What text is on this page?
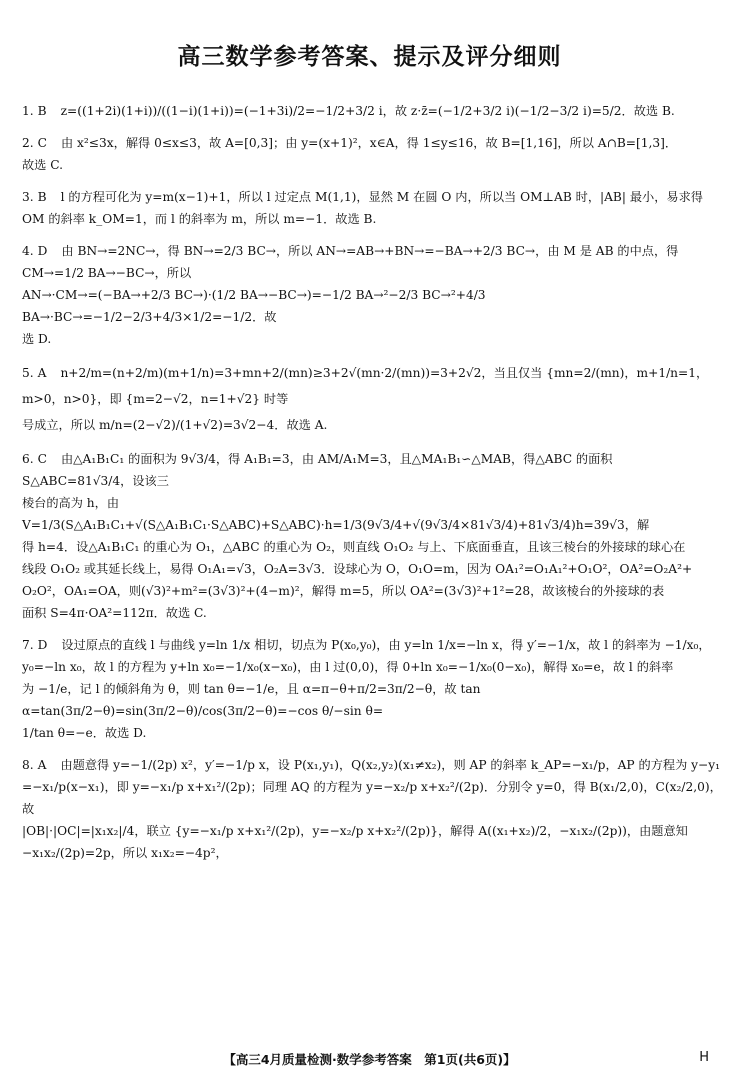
高三数学参考答案、提示及评分细则

1. B z=((1+2i)(1+i))/((1−i)(1+i))=(−1+3i)/2=−1/2+3/2 i，故 z·z̄=(−1/2+3/2 i)(−1/2−3/2 i)=5/2．故选 B.

2. C 由 x²≤3x，解得 0≤x≤3，故 A=[0,3]；由 y=(x+1)²，x∈A，得 1≤y≤16，故 B=[1,16]，所以 A∩B=[1,3]．

故选 C.

3. B l 的方程可化为 y=m(x−1)+1，所以 l 过定点 M(1,1)，显然 M 在圆 O 内，所以当 OM⊥AB 时，|AB| 最小，易求得

OM 的斜率 k_OM=1，而 l 的斜率为 m，所以 m=−1．故选 B.

4. D 由 BN→=2NC→，得 BN→=2/3 BC→，所以 AN→=AB→+BN→=−BA→+2/3 BC→，由 M 是 AB 的中点，得 CM→=1/2 BA→−BC→，所以

AN→·CM→=(−BA→+2/3 BC→)·(1/2 BA→−BC→)=−1/2 BA→²−2/3 BC→²+4/3 BA→·BC→=−1/2−2/3+4/3×1/2=−1/2．故

选 D.

5. A n+2/m=(n+2/m)(m+1/n)=3+mn+2/(mn)≥3+2√(mn·2/(mn))=3+2√2，当且仅当 {mn=2/(mn)，m+1/n=1，m>0，n>0}，即 {m=2−√2，n=1+√2} 时等

号成立，所以 m/n=(2−√2)/(1+√2)=3√2−4．故选 A.

6. C 由△A₁B₁C₁ 的面积为 9√3/4，得 A₁B₁=3，由 AM/A₁M=3，且△MA₁B₁∽△MAB，得△ABC 的面积 S△ABC=81√3/4，设该三

棱台的高为 h，由 V=1/3(S△A₁B₁C₁+√(S△A₁B₁C₁·S△ABC)+S△ABC)·h=1/3(9√3/4+√(9√3/4×81√3/4)+81√3/4)h=39√3，解

得 h=4．设△A₁B₁C₁ 的重心为 O₁，△ABC 的重心为 O₂，则直线 O₁O₂ 与上、下底面垂直，且该三棱台的外接球的球心在

线段 O₁O₂ 或其延长线上，易得 O₁A₁=√3，O₂A=3√3．设球心为 O，O₁O=m，因为 OA₁²=O₁A₁²+O₁O²，OA²=O₂A²+

O₂O²，OA₁=OA，则(√3)²+m²=(3√3)²+(4−m)²，解得 m=5，所以 OA²=(3√3)²+1²=28，故该棱台的外接球的表

面积 S=4π·OA²=112π．故选 C.

7. D 设过原点的直线 l 与曲线 y=ln 1/x 相切，切点为 P(x₀,y₀)，由 y=ln 1/x=−ln x，得 y′=−1/x，故 l 的斜率为 −1/x₀，

y₀=−ln x₀，故 l 的方程为 y+ln x₀=−1/x₀(x−x₀)，由 l 过(0,0)，得 0+ln x₀=−1/x₀(0−x₀)，解得 x₀=e，故 l 的斜率

为 −1/e，记 l 的倾斜角为 θ，则 tan θ=−1/e，且 α=π−θ+π/2=3π/2−θ，故 tan α=tan(3π/2−θ)=sin(3π/2−θ)/cos(3π/2−θ)=−cos θ/−sin θ=

1/tan θ=−e．故选 D.

8. A 由题意得 y=−1/(2p) x²，y′=−1/p x，设 P(x₁,y₁)，Q(x₂,y₂)(x₁≠x₂)，则 AP 的斜率 k_AP=−x₁/p，AP 的方程为 y−y₁

=−x₁/p(x−x₁)，即 y=−x₁/p x+x₁²/(2p)；同理 AQ 的方程为 y=−x₂/p x+x₂²/(2p)．分别令 y=0，得 B(x₁/2,0)，C(x₂/2,0)，故

|OB|·|OC|=|x₁x₂|/4，联立 {y=−x₁/p x+x₁²/(2p)，y=−x₂/p x+x₂²/(2p)}，解得 A((x₁+x₂)/2，−x₁x₂/(2p))，由题意知 −x₁x₂/(2p)=2p，所以 x₁x₂=−4p²，

【高三4月质量检测·数学参考答案　第1页(共6页)】	H
